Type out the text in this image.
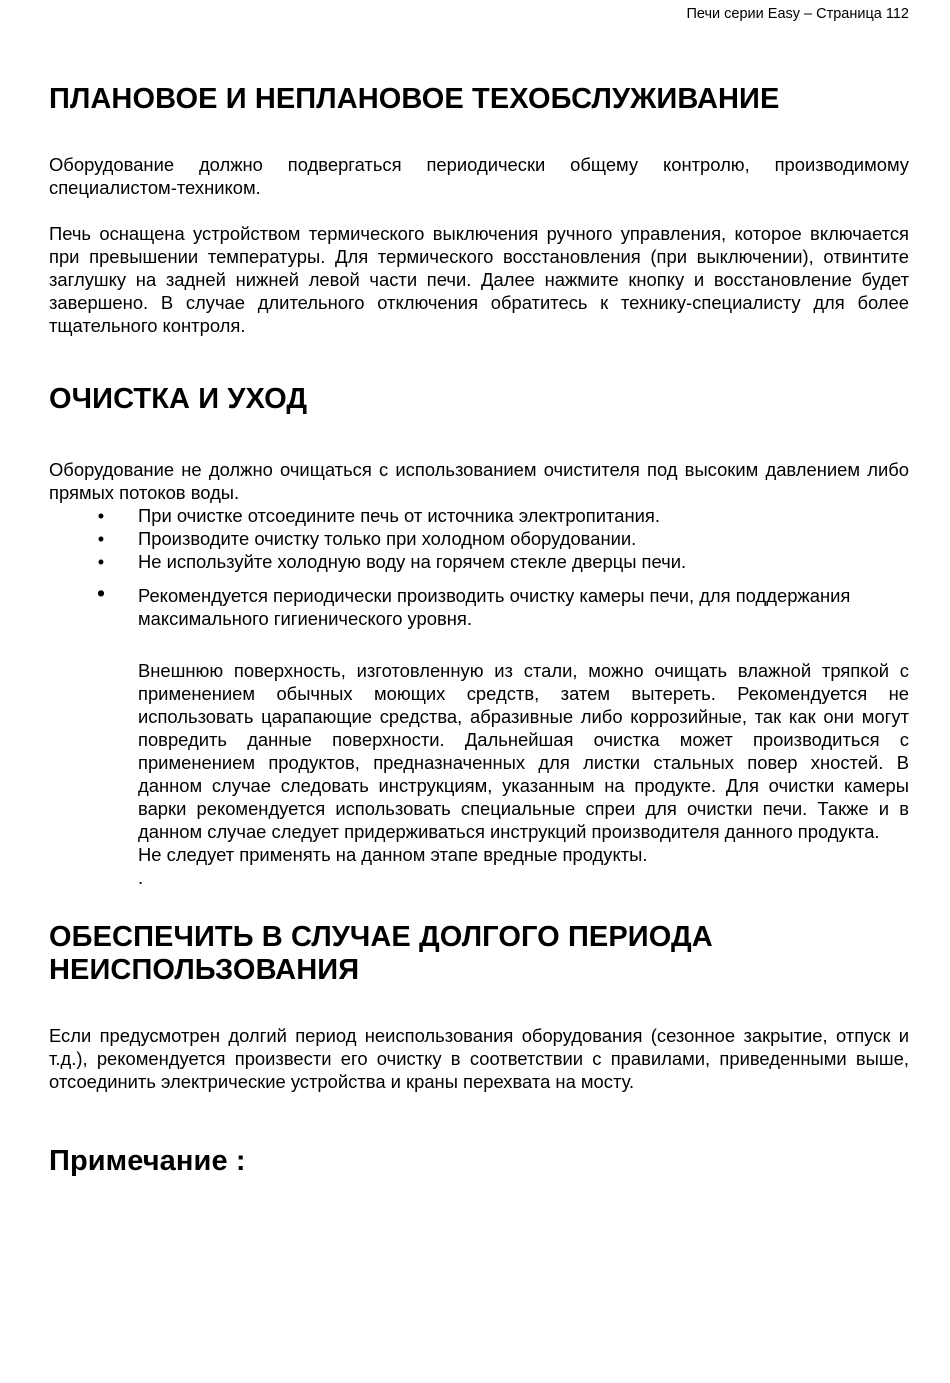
Печи серии Easy – Страница 112
ПЛАНОВОЕ И НЕПЛАНОВОЕ ТЕХОБСЛУЖИВАНИЕ

Оборудование должно подвергаться периодически общему контролю, производимому специалистом-техником.

Печь оснащена устройством термического выключения ручного управления, которое включается при превышении температуры. Для термического восстановления (при выключении), отвинтите заглушку на задней нижней левой части печи. Далее нажмите кнопку и восстановление будет завершено. В случае длительного отключения обратитесь к технику-специалисту для более тщательного контроля.

ОЧИСТКА И УХОД

Оборудование не должно очищаться с использованием очистителя под высоким давлением либо прямых потоков воды.

• При очистке отсоедините печь от источника электропитания.
• Производите очистку только при холодном оборудовании.
• Не используйте холодную воду на горячем стекле дверцы печи.
• Рекомендуется периодически производить очистку камеры печи, для поддержания максимального гигиенического уровня.

Внешнюю поверхность, изготовленную из стали, можно очищать влажной тряпкой с применением обычных моющих средств, затем вытереть. Рекомендуется не использовать царапающие средства, абразивные либо коррозийные, так как они могут повредить данные поверхности. Дальнейшая очистка может производиться с применением продуктов, предназначенных для листки стальных повер хностей. В данном случае следовать инструкциям, указанным на продукте. Для очистки камеры варки рекомендуется использовать специальные спреи для очистки печи. Также и в данном случае следует придерживаться инструкций производителя данного продукта.

Не следует применять на данном этапе вредные продукты.

.
ОБЕСПЕЧИТЬ В СЛУЧАЕ ДОЛГОГО ПЕРИОДА НЕИСПОЛЬЗОВАНИЯ

Если предусмотрен долгий период неиспользования оборудования (сезонное закрытие, отпуск и т.д.), рекомендуется произвести его очистку в соответствии с правилами, приведенными выше, отсоединить электрические устройства и краны перехвата на мосту.

Примечание :
